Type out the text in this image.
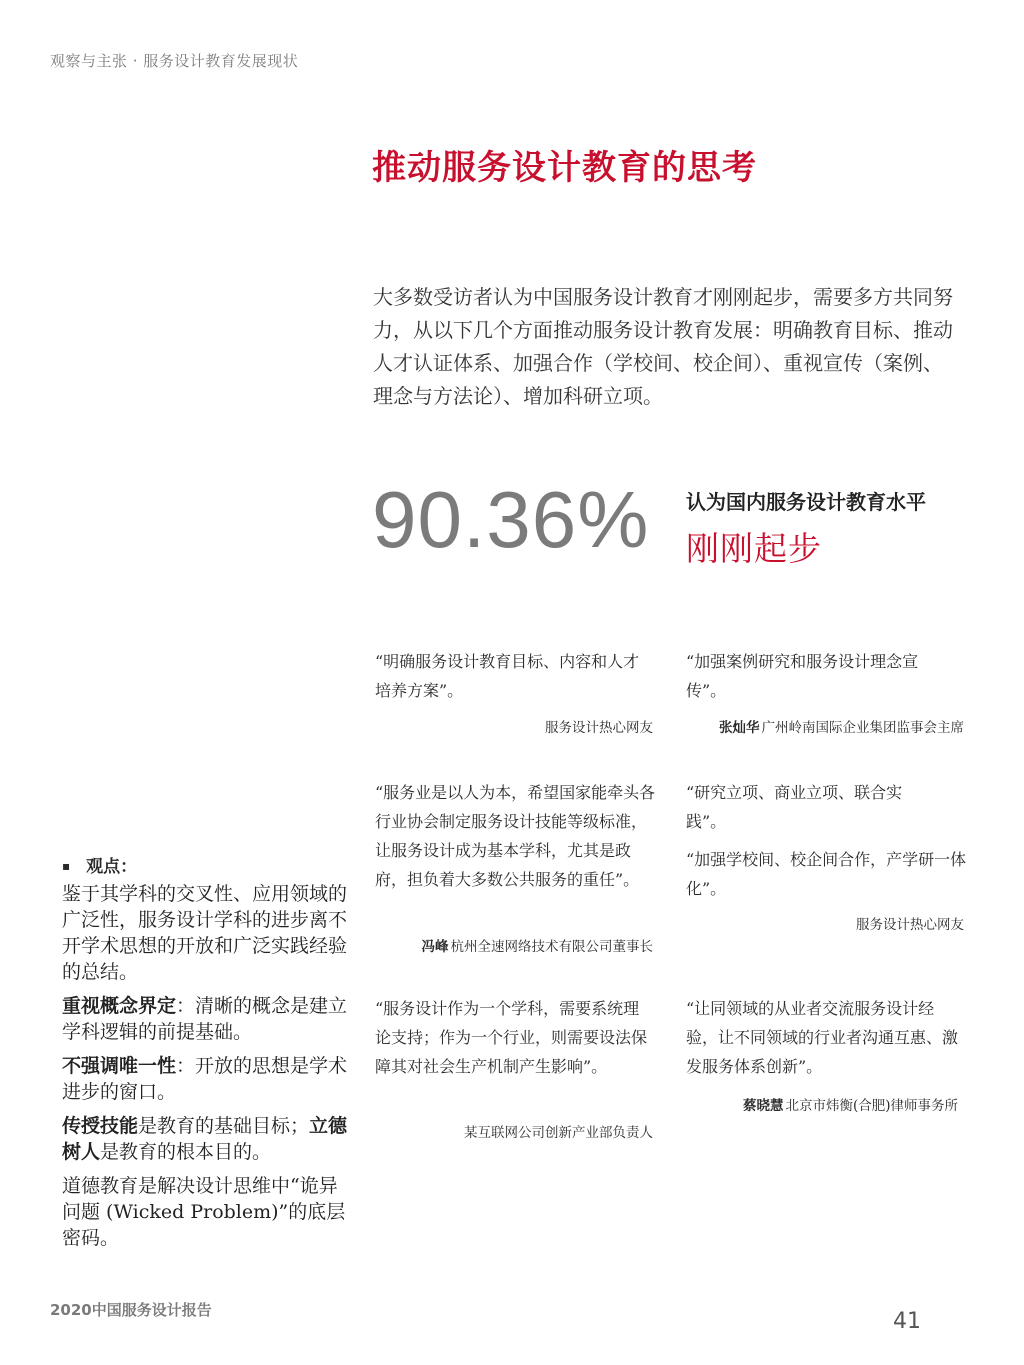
观察与主张 · 服务设计教育发展现状
推动服务设计教育的思考

大多数受访者认为中国服务设计教育才刚刚起步，需要多方共同努力，从以下几个方面推动服务设计教育发展：明确教育目标、推动人才认证体系、加强合作（学校间、校企间）、重视宣传（案例、理念与方法论）、增加科研立项。

90.36% 认为国内服务设计教育水平
刚刚起步

“明确服务设计教育目标、内容和人才培养方案”。

服务设计热心网友

“加强案例研究和服务设计理念宣传”。

张灿华 广州岭南国际企业集团监事会主席

“服务业是以人为本，希望国家能牵头各行业协会制定服务设计技能等级标准，让服务设计成为基本学科，尤其是政府，担负着大多数公共服务的重任”。

冯峰 杭州全速网络技术有限公司董事长

“研究立项、商业立项、联合实践”。

“加强学校间、校企间合作，产学研一体化”。

服务设计热心网友

“服务设计作为一个学科，需要系统理论支持；作为一个行业，则需要设法保障其对社会生产机制产生影响”。

某互联网公司创新产业部负责人

“让同领域的从业者交流服务设计经验，让不同领域的行业者沟通互惠、激发服务体系创新”。

蔡晓慧 北京市炜衡(合肥)律师事务所

▪ 观点：

鉴于其学科的交叉性、应用领域的广泛性，服务设计学科的进步离不开学术思想的开放和广泛实践经验的总结。

重视概念界定：清晰的概念是建立学科逻辑的前提基础。

不强调唯一性：开放的思想是学术进步的窗口。

传授技能是教育的基础目标；立德树人是教育的根本目的。

道德教育是解决设计思维中“诡异问题 (Wicked Problem)”的底层密码。

2020中国服务设计报告	41
